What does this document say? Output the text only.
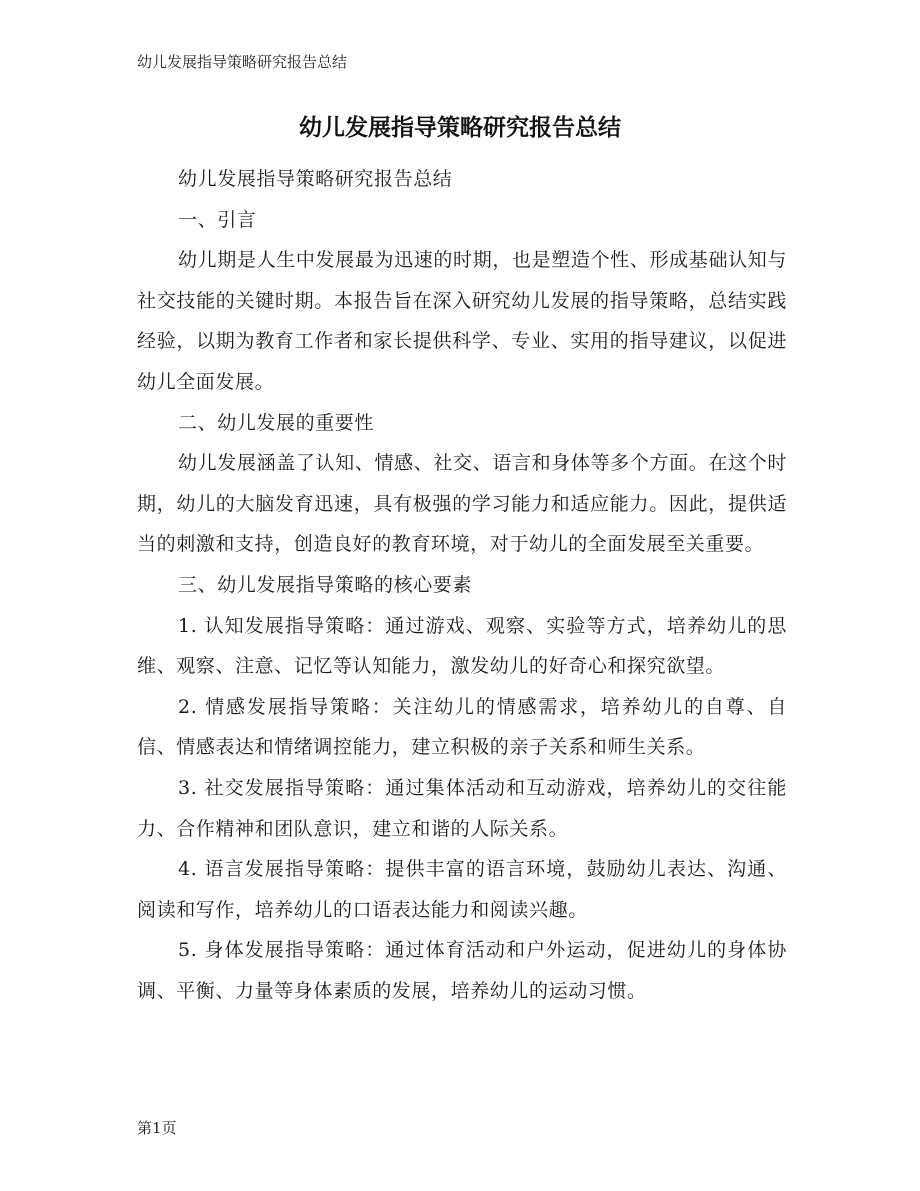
幼儿发展指导策略研究报告总结
幼儿发展指导策略研究报告总结

幼儿发展指导策略研究报告总结

一、引言

幼儿期是人生中发展最为迅速的时期，也是塑造个性、形成基础认知与社交技能的关键时期。本报告旨在深入研究幼儿发展的指导策略，总结实践经验，以期为教育工作者和家长提供科学、专业、实用的指导建议，以促进幼儿全面发展。

二、幼儿发展的重要性

幼儿发展涵盖了认知、情感、社交、语言和身体等多个方面。在这个时期，幼儿的大脑发育迅速，具有极强的学习能力和适应能力。因此，提供适当的刺激和支持，创造良好的教育环境，对于幼儿的全面发展至关重要。

三、幼儿发展指导策略的核心要素

1. 认知发展指导策略：通过游戏、观察、实验等方式，培养幼儿的思维、观察、注意、记忆等认知能力，激发幼儿的好奇心和探究欲望。

2. 情感发展指导策略：关注幼儿的情感需求，培养幼儿的自尊、自信、情感表达和情绪调控能力，建立积极的亲子关系和师生关系。

3. 社交发展指导策略：通过集体活动和互动游戏，培养幼儿的交往能力、合作精神和团队意识，建立和谐的人际关系。

4. 语言发展指导策略：提供丰富的语言环境，鼓励幼儿表达、沟通、阅读和写作，培养幼儿的口语表达能力和阅读兴趣。

5. 身体发展指导策略：通过体育活动和户外运动，促进幼儿的身体协调、平衡、力量等身体素质的发展，培养幼儿的运动习惯。

第1页
